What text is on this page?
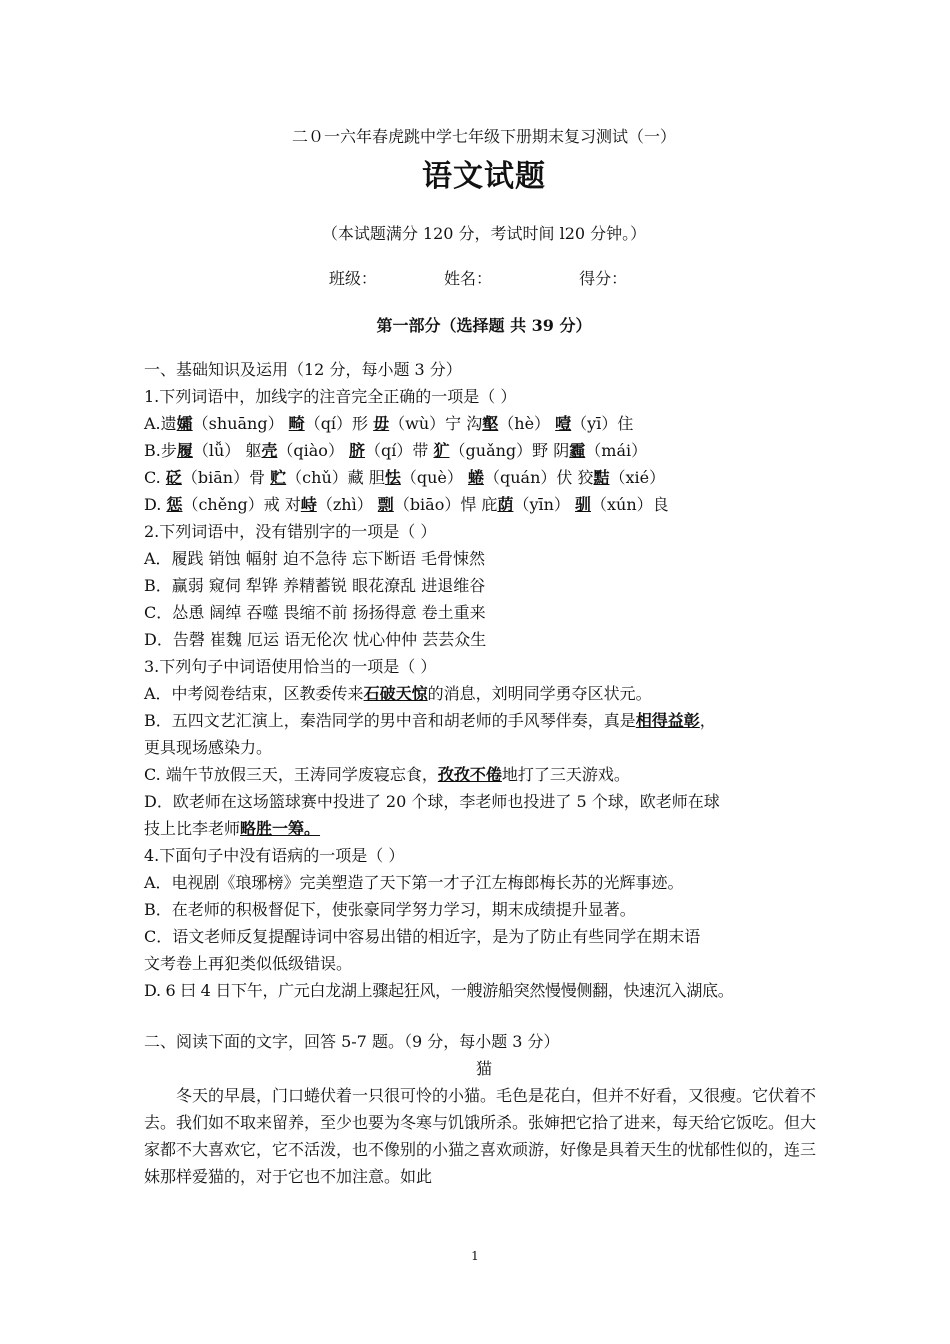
二０一六年春虎跳中学七年级下册期末复习测试（一）
语文试题
（本试题满分 120 分，考试时间 l20 分钟。）
班级：	姓名：	得分：
第一部分（选择题 共 39 分）
一、基础知识及运用（12 分，每小题 3 分）
1.下列词语中，加线字的注音完全正确的一项是（ ）
A.遗孀（shuāng） 畸（qí）形 毋（wù）宁 沟壑（hè） 噎（yī）住
B.步履（lǚ） 躯壳（qiào） 脐（qí）带 犷（guǎng）野 阴霾（mái）
C. 砭（biān）骨 贮（chǔ）藏 胆怯（què） 蜷（quán）伏 狡黠（xié）
D. 惩（chěng）戒 对峙（zhì） 剽（biāo）悍 庇荫（yīn） 驯（xún）良
2.下列词语中，没有错别字的一项是（ ）
A．履践 销蚀 幅射 迫不急待 忘下断语 毛骨悚然
B．赢弱 窥伺 犁铧 养精蓄锐 眼花潦乱 进退维谷
C．怂恿 阔绰 吞噬 畏缩不前 扬扬得意 卷土重来
D．告磬 崔魏 厄运 语无伦次 忧心仲仲 芸芸众生
3.下列句子中词语使用恰当的一项是（ ）
A．中考阅卷结束，区教委传来石破天惊的消息，刘明同学勇夺区状元。
B．五四文艺汇演上，秦浩同学的男中音和胡老师的手风琴伴奏，真是相得益彰，
更具现场感染力。
C. 端午节放假三天，王涛同学废寝忘食，孜孜不倦地打了三天游戏。
D．欧老师在这场篮球赛中投进了 20 个球，李老师也投进了 5 个球，欧老师在球
技上比李老师略胜一筹。
4.下面句子中没有语病的一项是（ ）
A．电视剧《琅琊榜》完美塑造了天下第一才子江左梅郎梅长苏的光辉事迹。
B．在老师的积极督促下，使张豪同学努力学习，期末成绩提升显著。
C．语文老师反复提醒诗词中容易出错的相近字，是为了防止有些同学在期末语
文考卷上再犯类似低级错误。
D. 6 曰 4 日下午，广元白龙湖上骤起狂风，一艘游船突然慢慢侧翻，快速沉入湖底。
二、阅读下面的文字，回答 5-7 题。（9 分，每小题 3 分）
猫
冬天的早晨，门口蜷伏着一只很可怜的小猫。毛色是花白，但并不好看，又很瘦。它伏着不去。我们如不取来留养，至少也要为冬寒与饥饿所杀。张婶把它拾了进来，每天给它饭吃。但大家都不大喜欢它，它不活泼，也不像别的小猫之喜欢顽游，好像是具着天生的忧郁性似的，连三妹那样爱猫的，对于它也不加注意。如此
1
